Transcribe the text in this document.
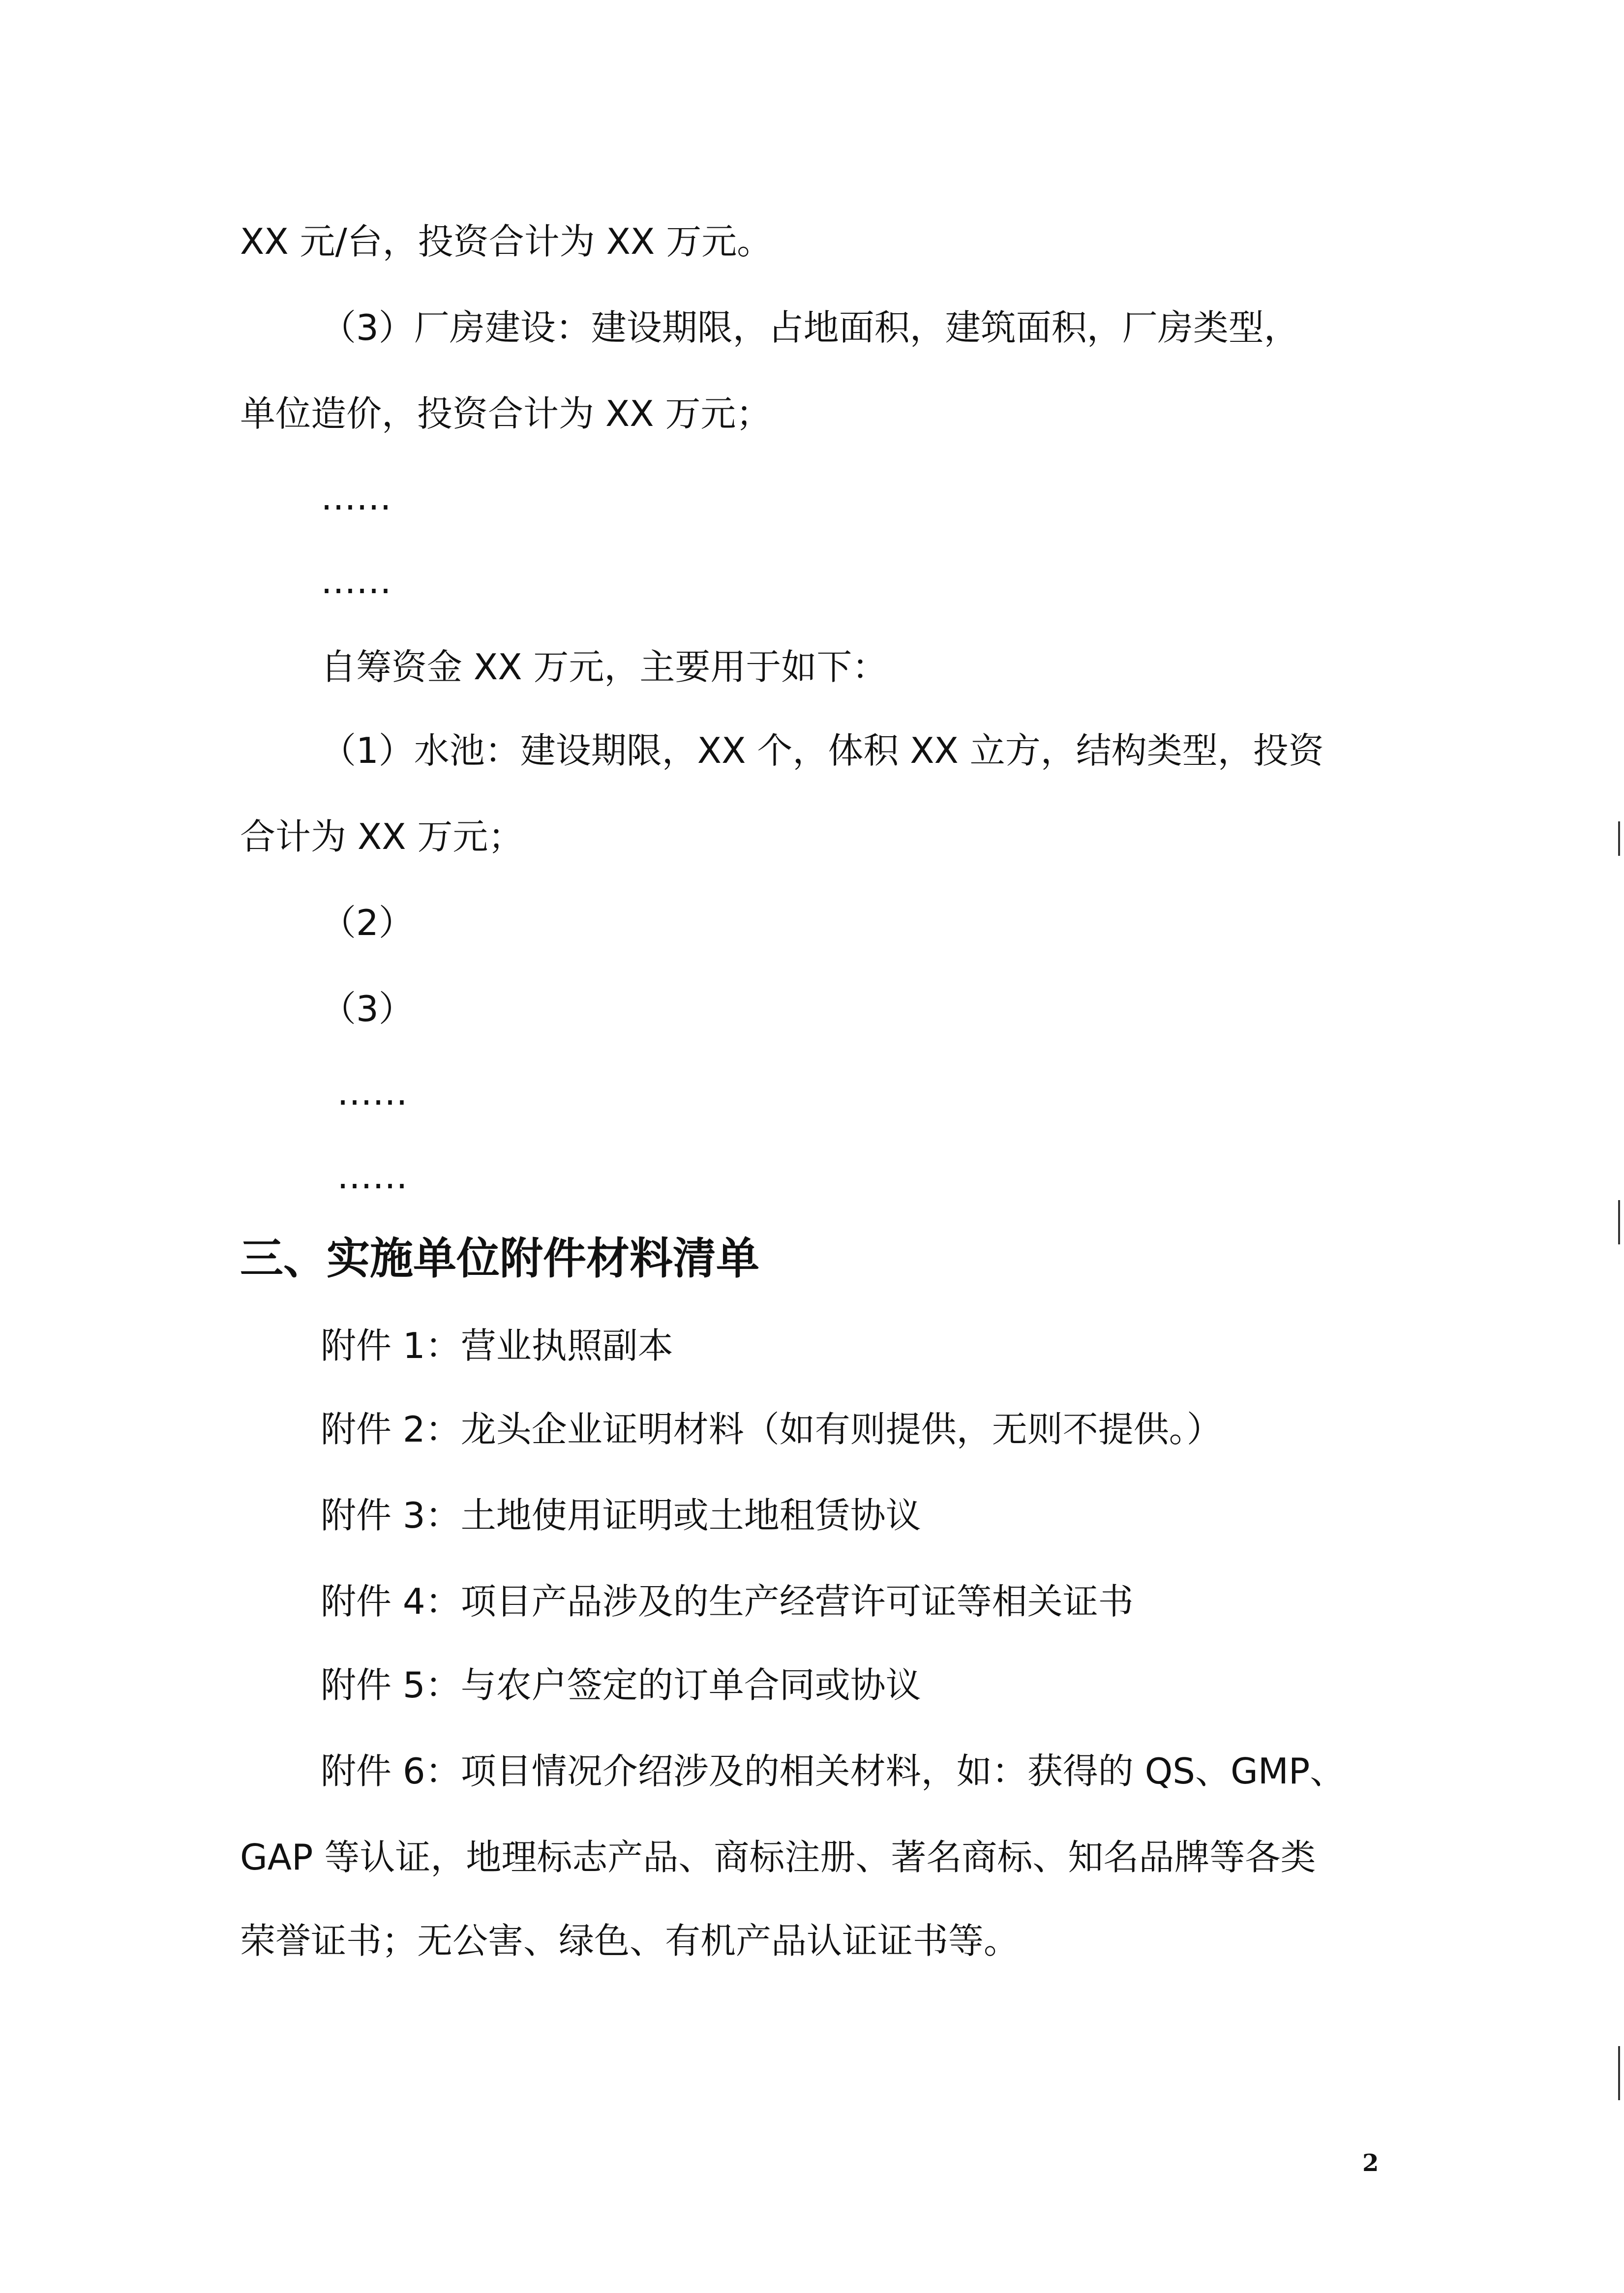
XX 元/台，投资合计为 XX 万元。
（3）厂房建设：建设期限，占地面积，建筑面积，厂房类型，
单位造价，投资合计为 XX 万元；
……
……
自筹资金 XX 万元，主要用于如下：
（1）水池：建设期限，XX 个，体积 XX 立方，结构类型，投资
合计为 XX 万元；
（2）
（3）
……
……
三、实施单位附件材料清单
附件 1：营业执照副本
附件 2：龙头企业证明材料（如有则提供，无则不提供。）
附件 3：土地使用证明或土地租赁协议
附件 4：项目产品涉及的生产经营许可证等相关证书
附件 5：与农户签定的订单合同或协议
附件 6：项目情况介绍涉及的相关材料，如：获得的 QS、GMP、
GAP 等认证，地理标志产品、商标注册、著名商标、知名品牌等各类
荣誉证书；无公害、绿色、有机产品认证证书等。
2
